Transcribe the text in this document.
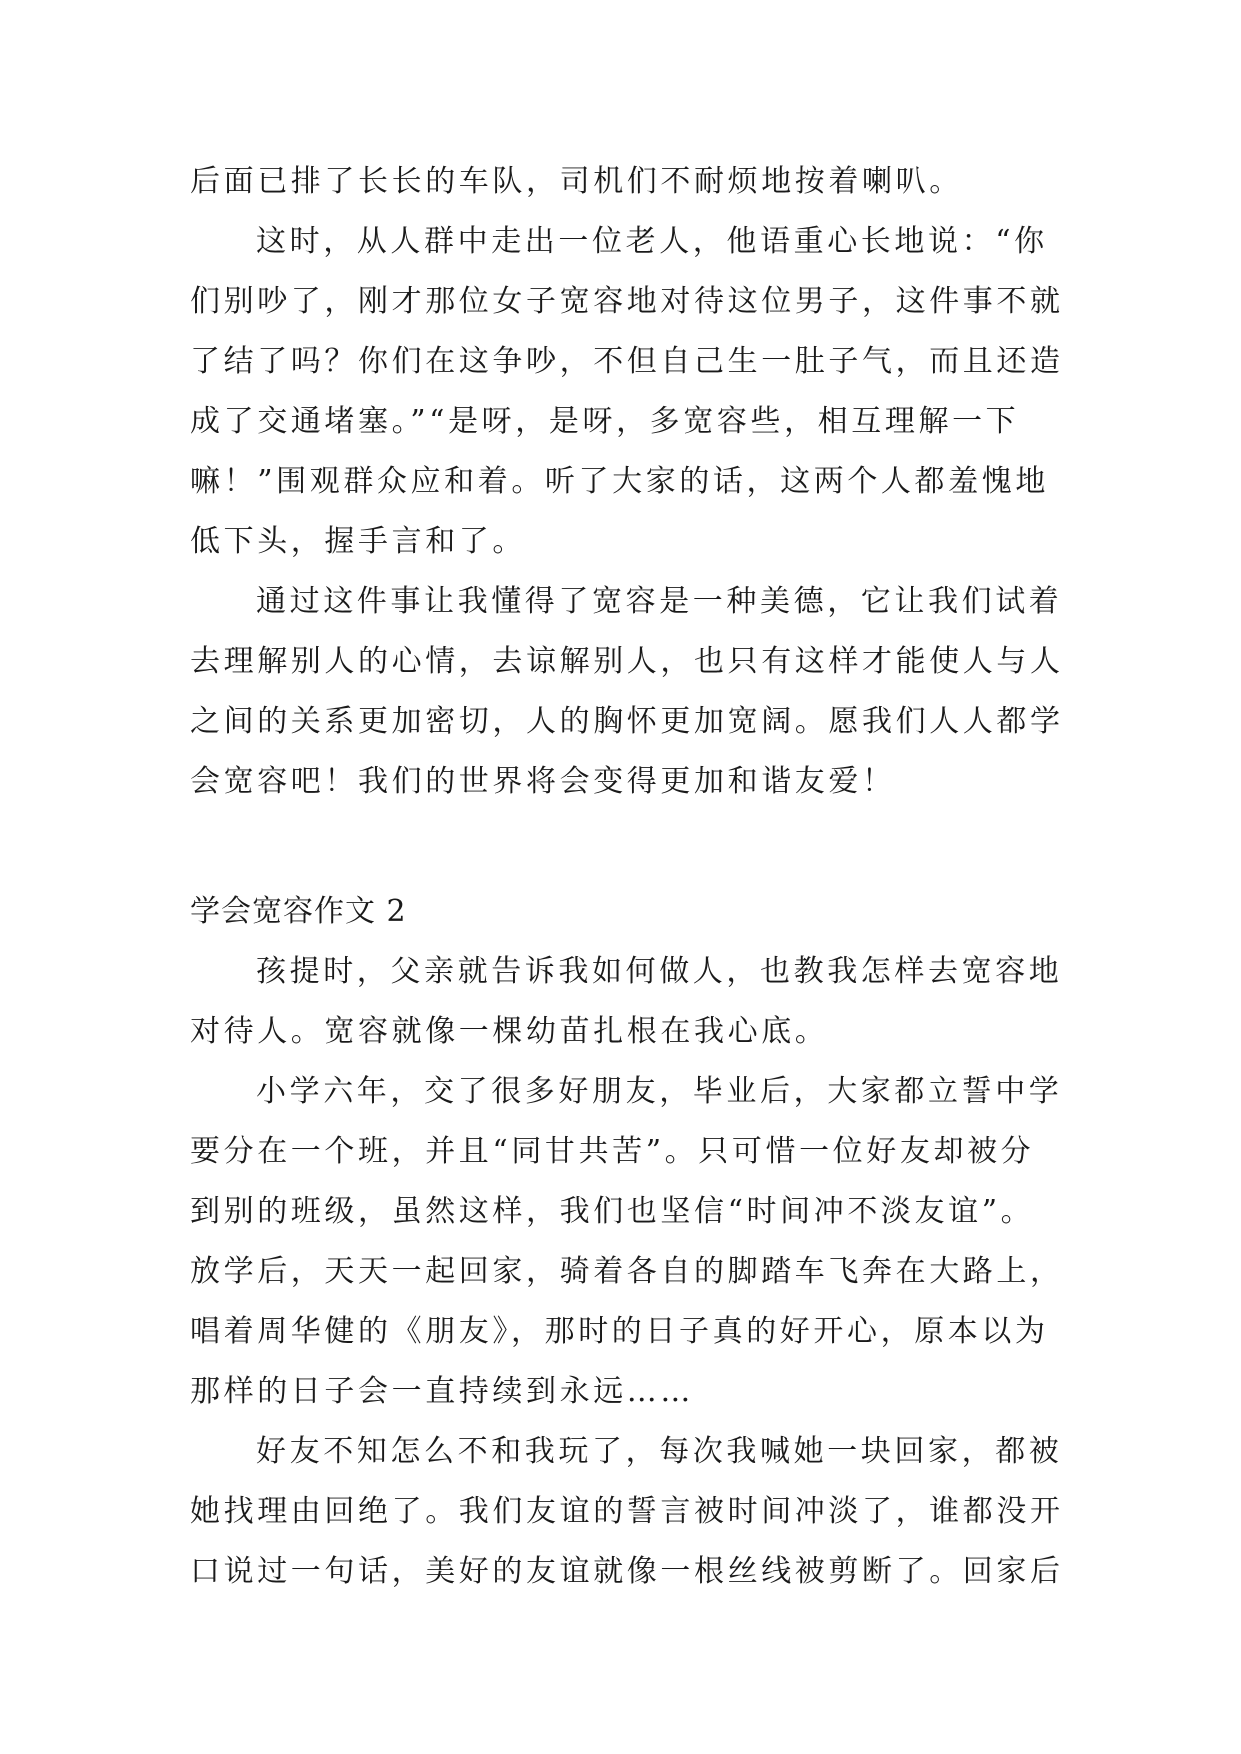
后面已排了长长的车队，司机们不耐烦地按着喇叭。
这时，从人群中走出一位老人，他语重心长地说：“你
们别吵了，刚才那位女子宽容地对待这位男子，这件事不就
了结了吗？你们在这争吵，不但自己生一肚子气，而且还造
成了交通堵塞。”“是呀，是呀，多宽容些，相互理解一下
嘛！”围观群众应和着。听了大家的话，这两个人都羞愧地
低下头，握手言和了。
通过这件事让我懂得了宽容是一种美德，它让我们试着
去理解别人的心情，去谅解别人，也只有这样才能使人与人
之间的关系更加密切，人的胸怀更加宽阔。愿我们人人都学
会宽容吧！我们的世界将会变得更加和谐友爱！
学会宽容作文 2
孩提时，父亲就告诉我如何做人，也教我怎样去宽容地
对待人。宽容就像一棵幼苗扎根在我心底。
小学六年，交了很多好朋友，毕业后，大家都立誓中学
要分在一个班，并且“同甘共苦”。只可惜一位好友却被分
到别的班级，虽然这样，我们也坚信“时间冲不淡友谊”。
放学后，天天一起回家，骑着各自的脚踏车飞奔在大路上，
唱着周华健的《朋友》，那时的日子真的好开心，原本以为
那样的日子会一直持续到永远……
好友不知怎么不和我玩了，每次我喊她一块回家，都被
她找理由回绝了。我们友谊的誓言被时间冲淡了，谁都没开
口说过一句话，美好的友谊就像一根丝线被剪断了。回家后
